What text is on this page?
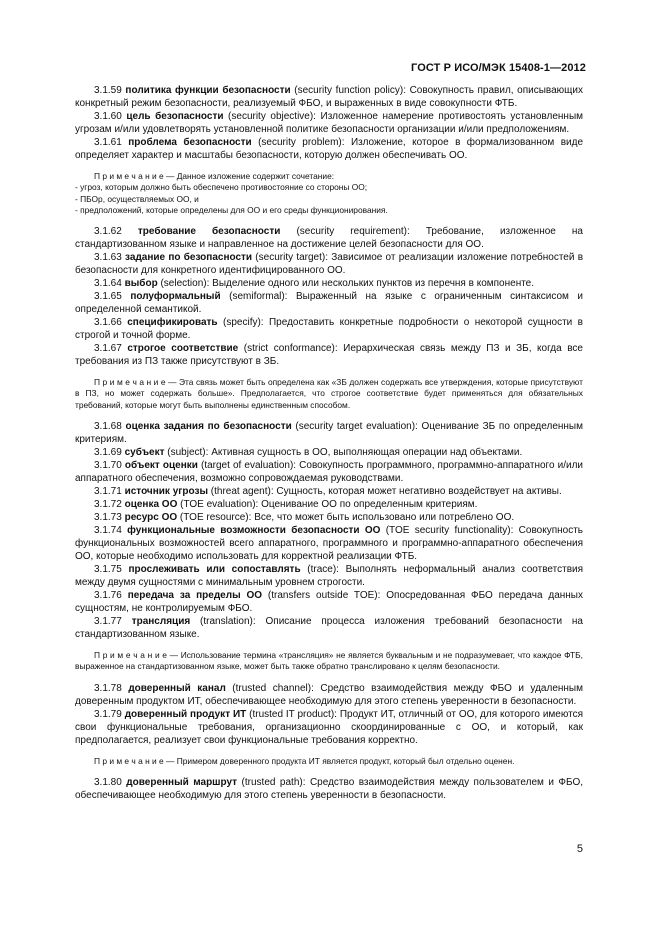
ГОСТ Р ИСО/МЭК 15408-1—2012

3.1.59 политика функции безопасности (security function policy): Совокупность правил, описывающих конкретный режим безопасности, реализуемый ФБО, и выраженных в виде совокупности ФТБ.

3.1.60 цель безопасности (security objective): Изложенное намерение противостоять установленным угрозам и/или удовлетворять установленной политике безопасности организации и/или предположениям.

3.1.61 проблема безопасности (security problem): Изложение, которое в формализованном виде определяет характер и масштабы безопасности, которую должен обеспечивать ОО.

П р и м е ч а н и е — Данное изложение содержит сочетание:

- угроз, которым должно быть обеспечено противостояние со стороны ОО;

- ПБОр, осуществляемых ОО, и

- предположений, которые определены для ОО и его среды функционирования.

3.1.62 требование безопасности (security requirement): Требование, изложенное на стандартизованном языке и направленное на достижение целей безопасности для ОО.

3.1.63 задание по безопасности (security target): Зависимое от реализации изложение потребностей в безопасности для конкретного идентифицированного ОО.

3.1.64 выбор (selection): Выделение одного или нескольких пунктов из перечня в компоненте.

3.1.65 полуформальный (semiformal): Выраженный на языке с ограниченным синтаксисом и определенной семантикой.

3.1.66 спецификировать (specify): Предоставить конкретные подробности о некоторой сущности в строгой и точной форме.

3.1.67 строгое соответствие (strict conformance): Иерархическая связь между ПЗ и ЗБ, когда все требования из ПЗ также присутствуют в ЗБ.

П р и м е ч а н и е — Эта связь может быть определена как «ЗБ должен содержать все утверждения, которые присутствуют в ПЗ, но может содержать больше». Предполагается, что строгое соответствие будет применяться для обязательных требований, которые могут быть выполнены единственным способом.

3.1.68 оценка задания по безопасности (security target evaluation): Оценивание ЗБ по определенным критериям.

3.1.69 субъект (subject): Активная сущность в ОО, выполняющая операции над объектами.

3.1.70 объект оценки (target of evaluation): Совокупность программного, программно-аппаратного и/или аппаратного обеспечения, возможно сопровождаемая руководствами.

3.1.71 источник угрозы (threat agent): Сущность, которая может негативно воздействует на активы.

3.1.72 оценка ОО (TOE evaluation): Оценивание ОО по определенным критериям.

3.1.73 ресурс ОО (TOE resource): Все, что может быть использовано или потреблено ОО.

3.1.74 функциональные возможности безопасности ОО (TOE security functionality): Совокупность функциональных возможностей всего аппаратного, программного и программно-аппаратного обеспечения ОО, которые необходимо использовать для корректной реализации ФТБ.

3.1.75 прослеживать или сопоставлять (trace): Выполнять неформальный анализ соответствия между двумя сущностями с минимальным уровнем строгости.

3.1.76 передача за пределы ОО (transfers outside TOE): Опосредованная ФБО передача данных сущностям, не контролируемым ФБО.

3.1.77 трансляция (translation): Описание процесса изложения требований безопасности на стандартизованном языке.

П р и м е ч а н и е — Использование термина «трансляция» не является буквальным и не подразумевает, что каждое ФТБ, выраженное на стандартизованном языке, может быть также обратно транслировано к целям безопасности.

3.1.78 доверенный канал (trusted channel): Средство взаимодействия между ФБО и удаленным доверенным продуктом ИТ, обеспечивающее необходимую для этого степень уверенности в безопасности.

3.1.79 доверенный продукт ИТ (trusted IT product): Продукт ИТ, отличный от ОО, для которого имеются свои функциональные требования, организационно скоординированные с ОО, и который, как предполагается, реализует свои функциональные требования корректно.

П р и м е ч а н и е — Примером доверенного продукта ИТ является продукт, который был отдельно оценен.

3.1.80 доверенный маршрут (trusted path): Средство взаимодействия между пользователем и ФБО, обеспечивающее необходимую для этого степень уверенности в безопасности.

5
